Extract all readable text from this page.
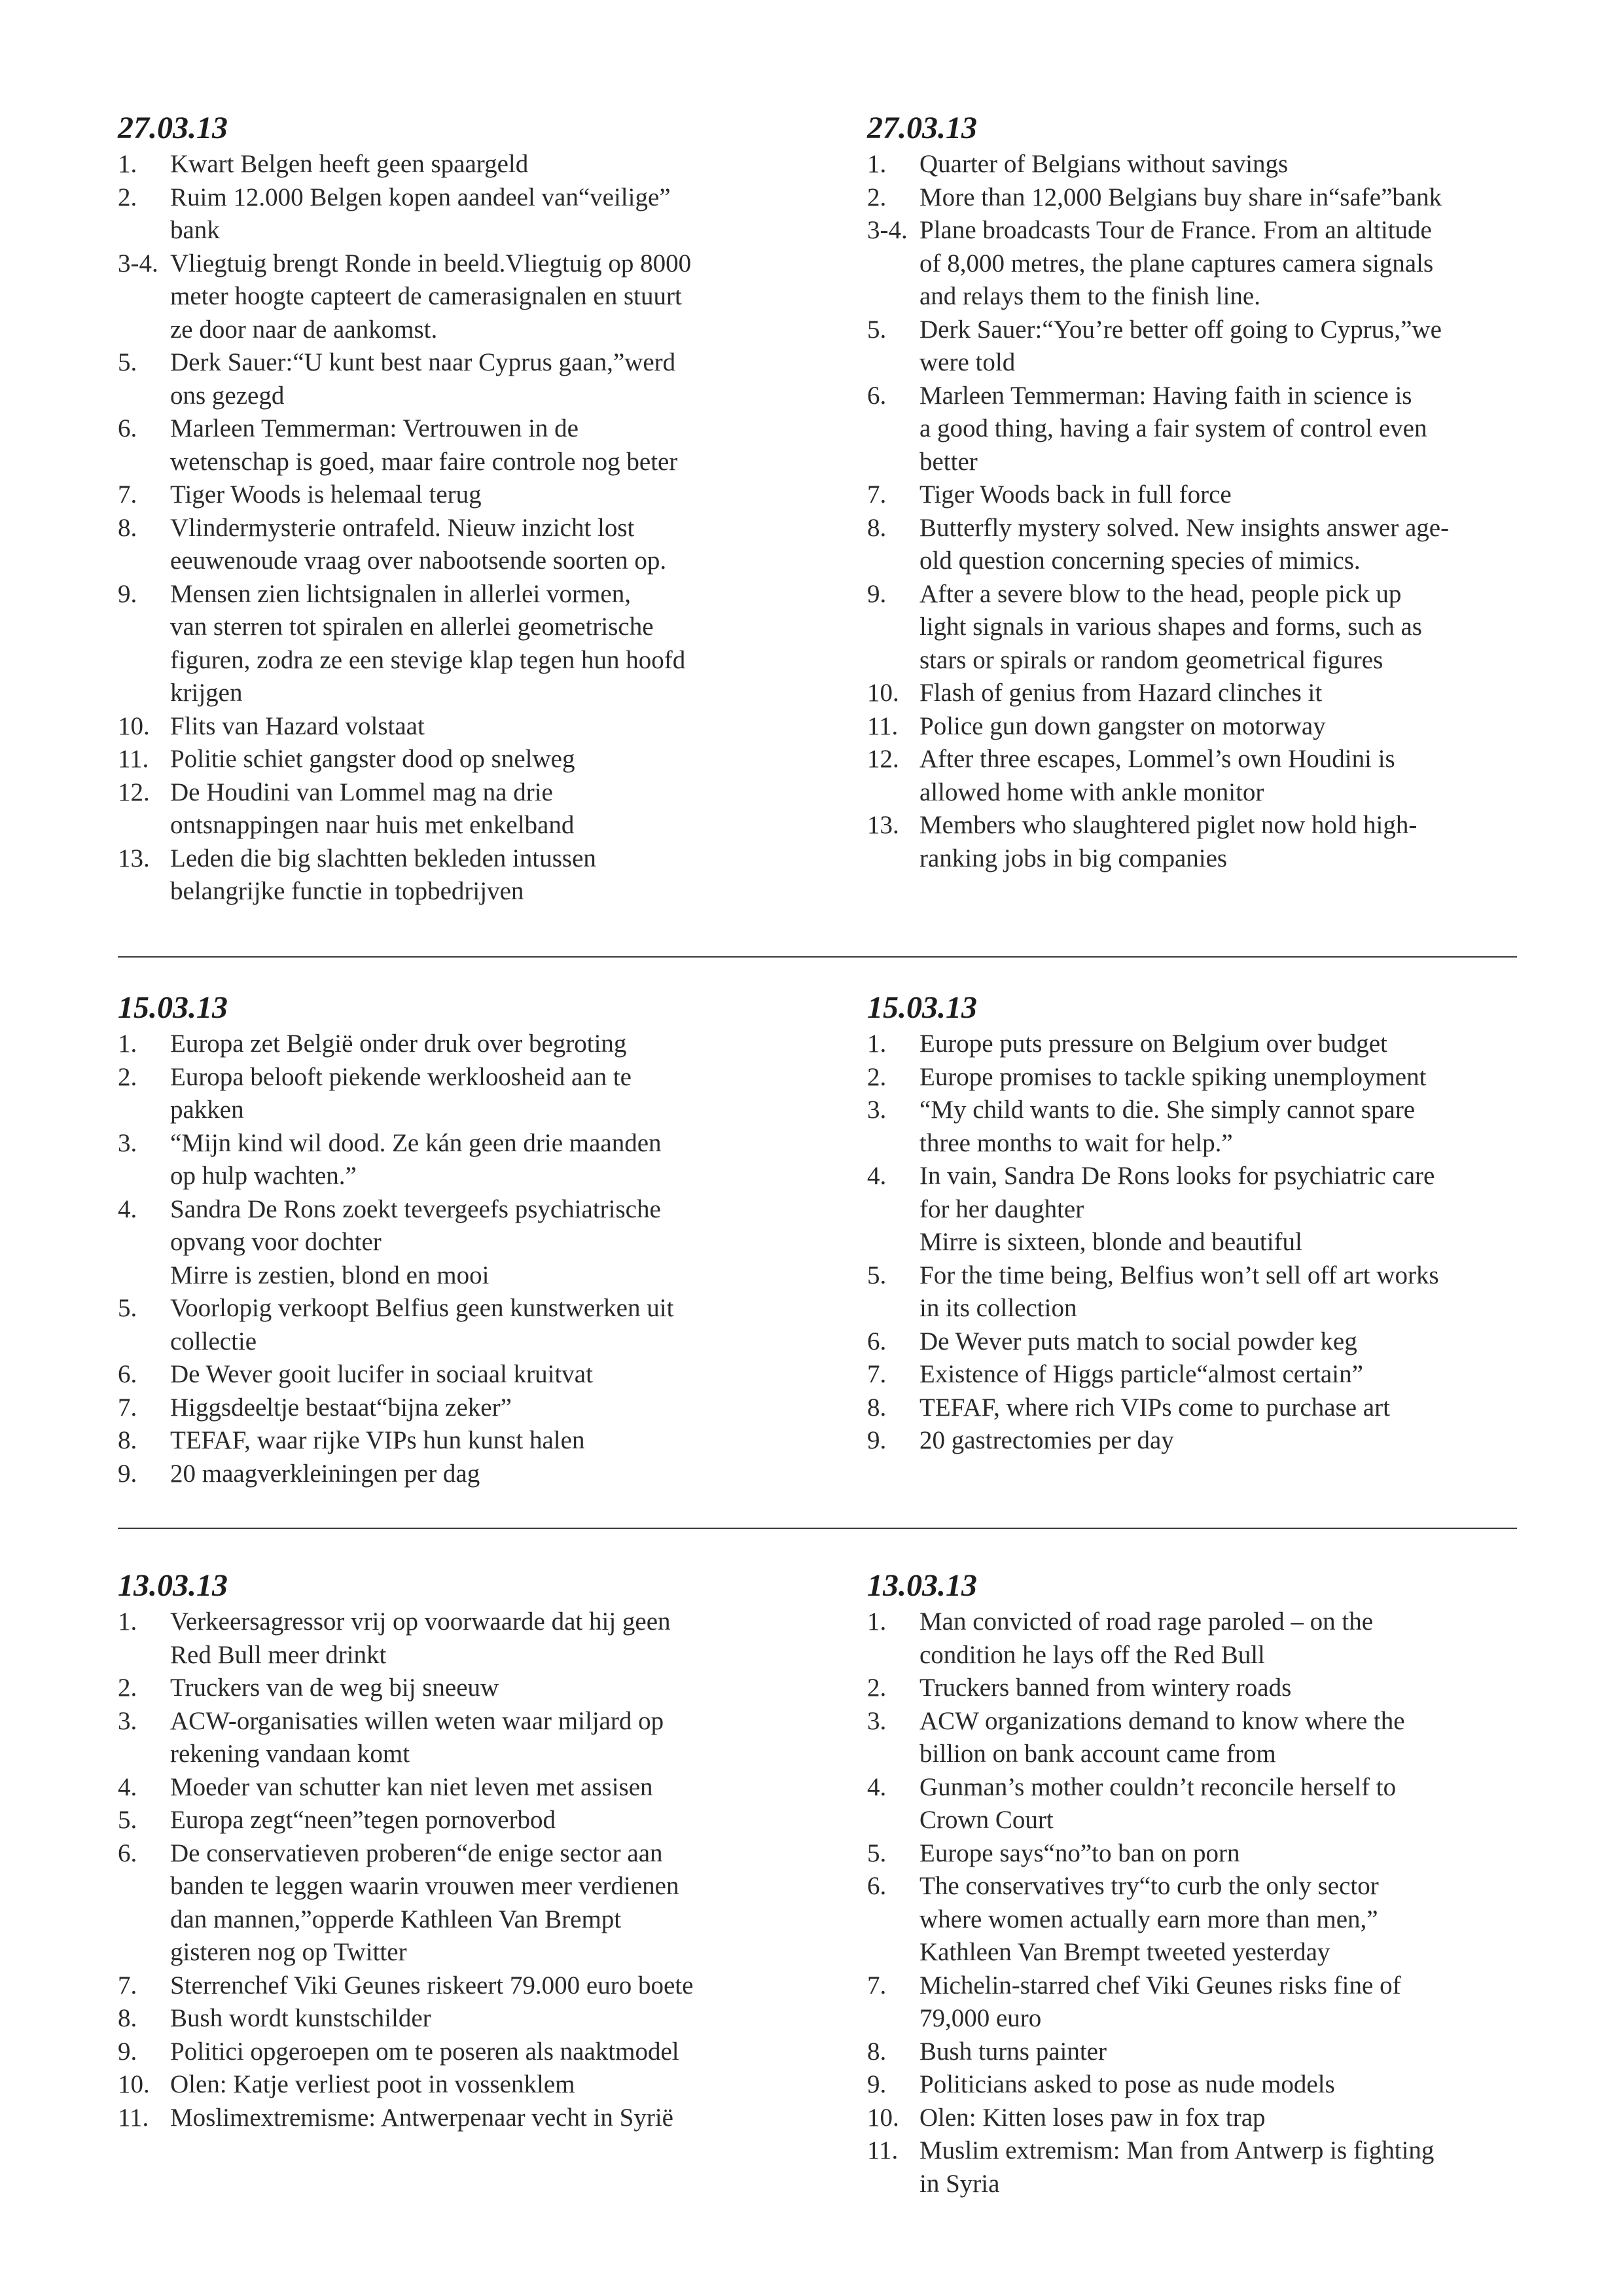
27.03.13
1. Kwart Belgen heeft geen spaargeld
2. Ruim 12.000 Belgen kopen aandeel van“veilige”
bank
3-4. Vliegtuig brengt Ronde in beeld.Vliegtuig op 8000
meter hoogte capteert de camerasignalen en stuurt
ze door naar de aankomst.
5. Derk Sauer:“U kunt best naar Cyprus gaan,”werd
ons gezegd
6. Marleen Temmerman: Vertrouwen in de
wetenschap is goed, maar faire controle nog beter
7. Tiger Woods is helemaal terug
8. Vlindermysterie ontrafeld. Nieuw inzicht lost
eeuwenoude vraag over nabootsende soorten op.
9. Mensen zien lichtsignalen in allerlei vormen,
van sterren tot spiralen en allerlei geometrische
figuren, zodra ze een stevige klap tegen hun hoofd
krijgen
10. Flits van Hazard volstaat
11. Politie schiet gangster dood op snelweg
12. De Houdini van Lommel mag na drie
ontsnappingen naar huis met enkelband
13. Leden die big slachtten bekleden intussen
belangrijke functie in topbedrijven
27.03.13
1. Quarter of Belgians without savings
2. More than 12,000 Belgians buy share in“safe”bank
3-4. Plane broadcasts Tour de France. From an altitude
of 8,000 metres, the plane captures camera signals
and relays them to the finish line.
5. Derk Sauer:“You’re better off going to Cyprus,”we
were told
6. Marleen Temmerman: Having faith in science is
a good thing, having a fair system of control even
better
7. Tiger Woods back in full force
8. Butterfly mystery solved. New insights answer age-
old question concerning species of mimics.
9. After a severe blow to the head, people pick up
light signals in various shapes and forms, such as
stars or spirals or random geometrical figures
10. Flash of genius from Hazard clinches it
11. Police gun down gangster on motorway
12. After three escapes, Lommel’s own Houdini is
allowed home with ankle monitor
13. Members who slaughtered piglet now hold high-
ranking jobs in big companies
15.03.13
1. Europa zet België onder druk over begroting
2. Europa belooft piekende werkloosheid aan te
pakken
3. “Mijn kind wil dood. Ze kán geen drie maanden
op hulp wachten.”
4. Sandra De Rons zoekt tevergeefs psychiatrische
opvang voor dochter
Mirre is zestien, blond en mooi
5. Voorlopig verkoopt Belfius geen kunstwerken uit
collectie
6. De Wever gooit lucifer in sociaal kruitvat
7. Higgsdeeltje bestaat“bijna zeker”
8. TEFAF, waar rijke VIPs hun kunst halen
9. 20 maagverkleiningen per dag
15.03.13
1. Europe puts pressure on Belgium over budget
2. Europe promises to tackle spiking unemployment
3. “My child wants to die. She simply cannot spare
three months to wait for help.”
4. In vain, Sandra De Rons looks for psychiatric care
for her daughter
Mirre is sixteen, blonde and beautiful
5. For the time being, Belfius won’t sell off art works
in its collection
6. De Wever puts match to social powder keg
7. Existence of Higgs particle“almost certain”
8. TEFAF, where rich VIPs come to purchase art
9. 20 gastrectomies per day
13.03.13
1. Verkeersagressor vrij op voorwaarde dat hij geen
Red Bull meer drinkt
2. Truckers van de weg bij sneeuw
3. ACW-organisaties willen weten waar miljard op
rekening vandaan komt
4. Moeder van schutter kan niet leven met assisen
5. Europa zegt“neen”tegen pornoverbod
6. De conservatieven proberen“de enige sector aan
banden te leggen waarin vrouwen meer verdienen
dan mannen,”opperde Kathleen Van Brempt
gisteren nog op Twitter
7. Sterrenchef Viki Geunes riskeert 79.000 euro boete
8. Bush wordt kunstschilder
9. Politici opgeroepen om te poseren als naaktmodel
10. Olen: Katje verliest poot in vossenklem
11. Moslimextremisme: Antwerpenaar vecht in Syrië
13.03.13
1. Man convicted of road rage paroled – on the
condition he lays off the Red Bull
2. Truckers banned from wintery roads
3. ACW organizations demand to know where the
billion on bank account came from
4. Gunman’s mother couldn’t reconcile herself to
Crown Court
5. Europe says“no”to ban on porn
6. The conservatives try“to curb the only sector
where women actually earn more than men,”
Kathleen Van Brempt tweeted yesterday
7. Michelin-starred chef Viki Geunes risks fine of
79,000 euro
8. Bush turns painter
9. Politicians asked to pose as nude models
10. Olen: Kitten loses paw in fox trap
11. Muslim extremism: Man from Antwerp is fighting
in Syria
